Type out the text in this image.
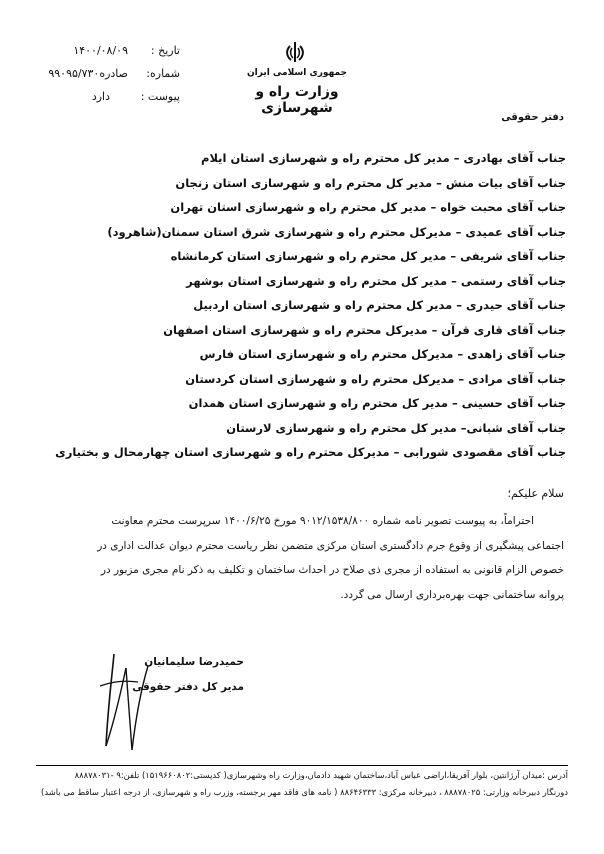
جمهوری اسلامی ایران
وزارت راه و شهرسازی
تاریخ :
۱۴۰۰/۰۸/۰۹
شماره:
۹۹۰۹۵/۷۳۰صادره
پیوست :
دارد
دفتر حقوقی
جناب آقای بهادری – مدیر کل محترم راه و شهرسازی استان ایلام
جناب آقای بیات منش – مدیر کل محترم راه و شهرسازی استان زنجان
جناب آقای محبت خواه – مدیر کل محترم راه و شهرسازی استان تهران
جناب آقای عمیدی – مدیرکل محترم راه و شهرسازی شرق استان سمنان(شاهرود)
جناب آقای شریفی – مدیر کل محترم راه و شهرسازی استان کرمانشاه
جناب آقای رستمی – مدیر کل محترم راه و شهرسازی استان بوشهر
جناب آقای حیدری – مدیر کل محترم راه و شهرسازی استان اردبیل
جناب آقای قاری قرآن – مدیرکل محترم راه و شهرسازی استان اصفهان
جناب آقای زاهدی – مدیرکل محترم راه و شهرسازی استان فارس
جناب آقای مرادی – مدیرکل محترم راه و شهرسازی استان کردستان
جناب آقای حسینی – مدیر کل محترم راه و شهرسازی استان همدان
جناب آقای شبانی– مدیر کل محترم راه و شهرسازی لارستان
جناب آقای مقصودی شورابی – مدیرکل محترم راه و شهرسازی استان چهارمحال و بختیاری
سلام علیکم؛
احتراماً، به پیوست تصویر نامه شماره ۹۰۱۲/۱۵۳۸/۸۰۰ مورخ ۱۴۰۰/۶/۲۵ سرپرست محترم معاونت
اجتماعی پیشگیری از وقوع جرم دادگستری استان مرکزی متضمن نظر ریاست محترم دیوان عدالت اداری در
خصوص الزام قانونی به استفاده از مجری ذی صلاح در احداث ساختمان و تکلیف به ذکر نام مجری مزبور در
پروانه ساختمانی جهت بهره‌برداری ارسال می گردد.
حمیدرضا سلیمانیان
مدیر کل دفتر حقوقی
آدرس :میدان آرژانتین، بلوار آفریقا،اراضی عباس آباد،ساختمان شهید دادمان،وزارت راه وشهرسازی( کدپستی:۱۵۱۹۶۶۰۸۰۲) تلفن:۹ -۸۸۸۷۸۰۳۱
دورنگار دبیرخانه وزارتی: ۸۸۸۷۸۰۲۵ ، دبیرخانه مرکزی: ۸۸۶۴۶۳۳۳ ( نامه های فاقد مهر برجسته، وزرب راه و شهرسازی، از درجه اعتبار ساقط می باشد)
